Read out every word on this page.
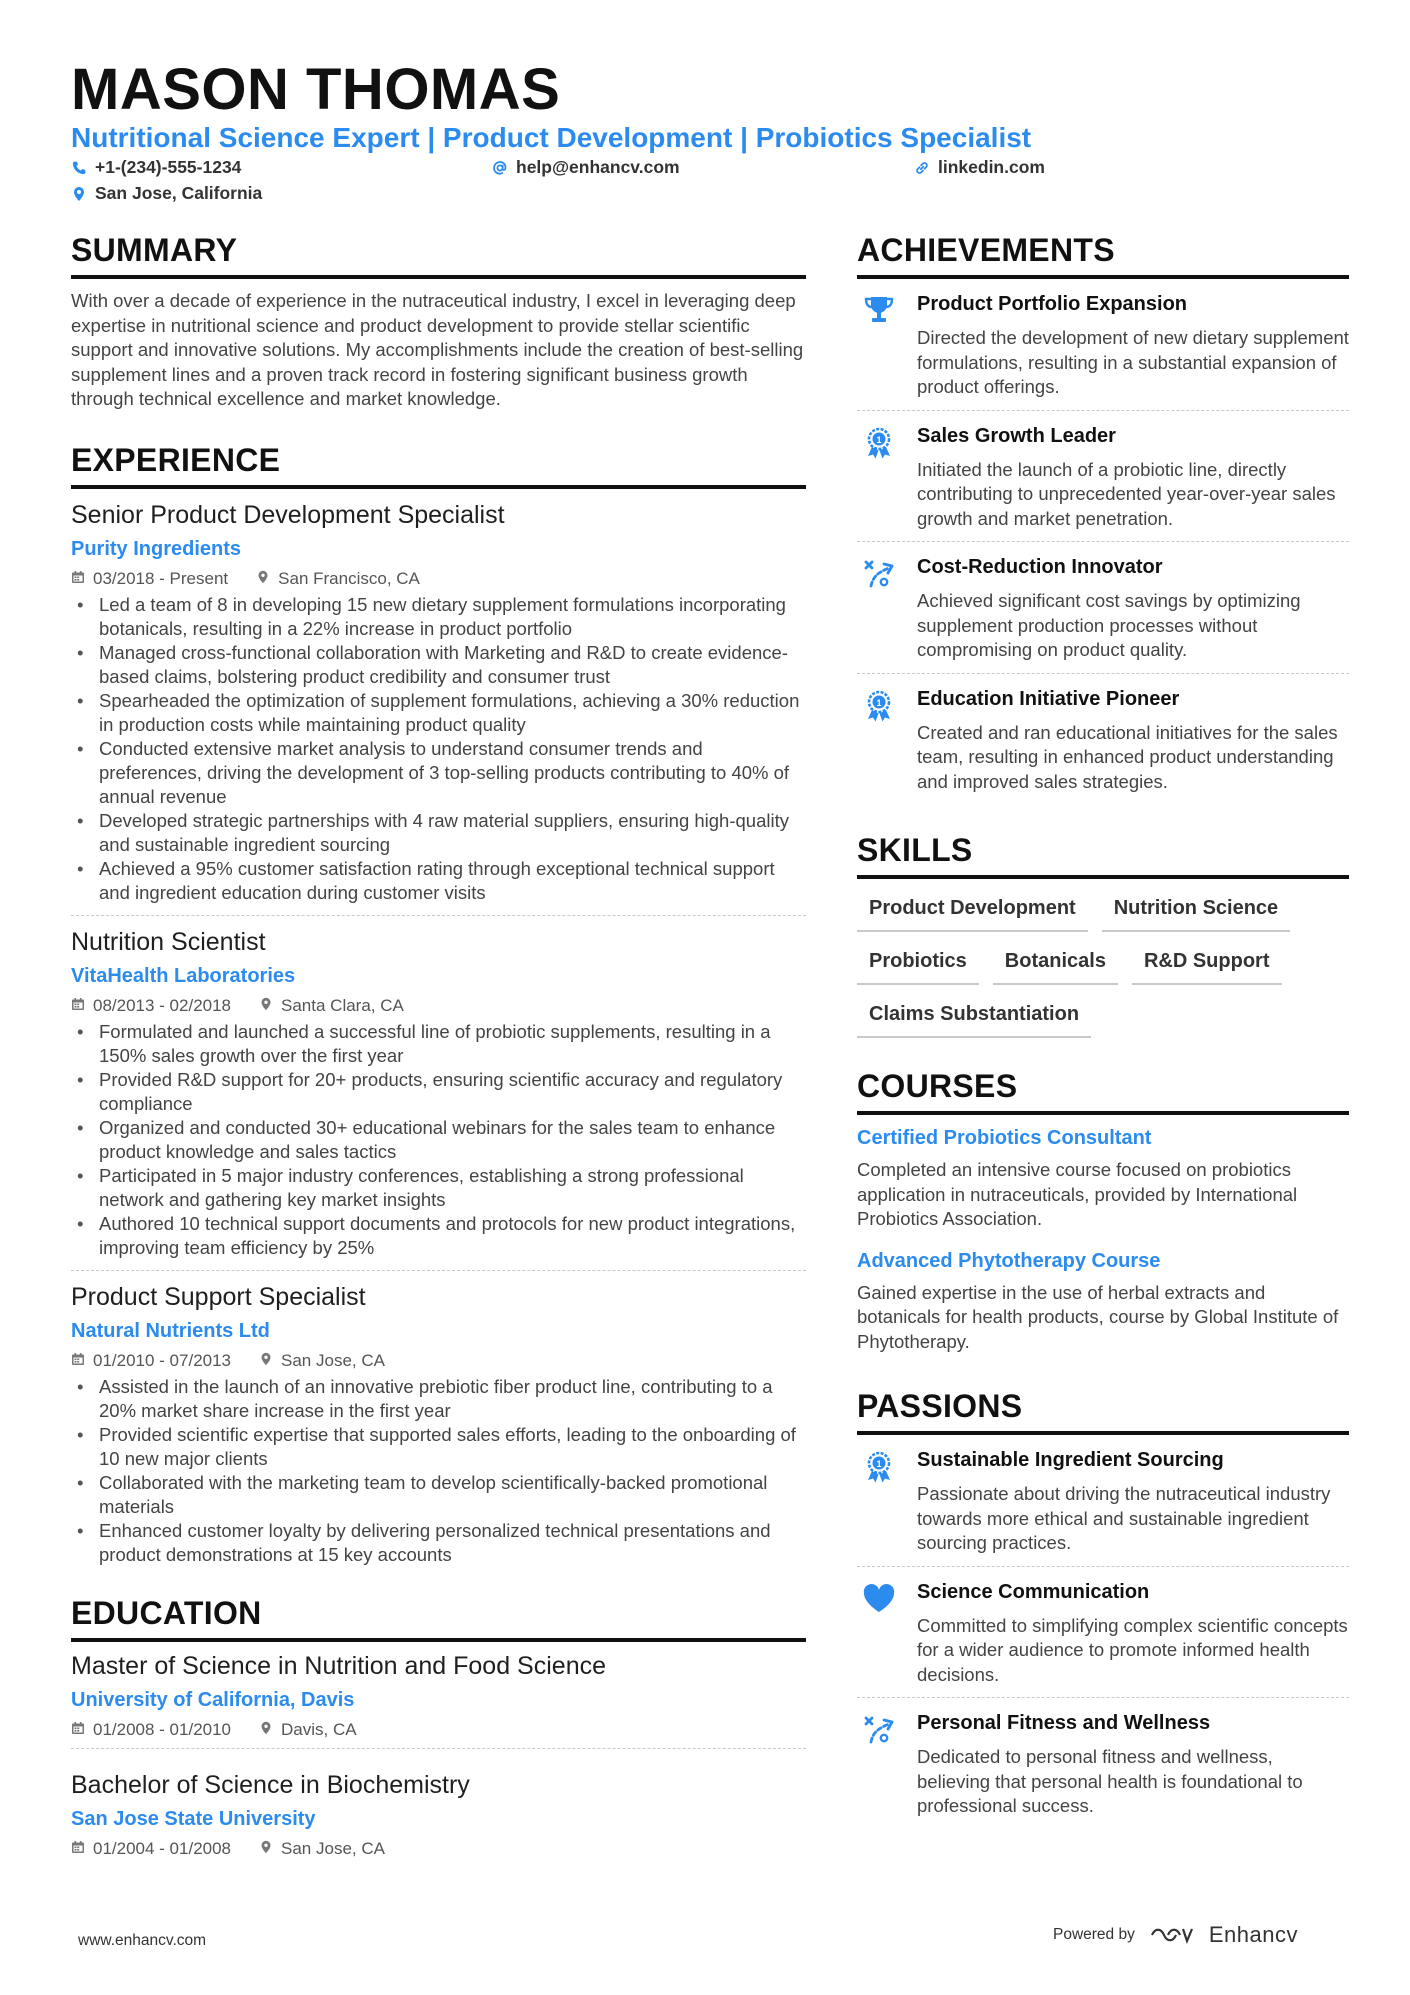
MASON THOMAS
Nutritional Science Expert | Product Development | Probiotics Specialist
+1-(234)-555-1234	help@enhancv.com	linkedin.com
San Jose, California
SUMMARY
With over a decade of experience in the nutraceutical industry, I excel in leveraging deep expertise in nutritional science and product development to provide stellar scientific support and innovative solutions. My accomplishments include the creation of best-selling supplement lines and a proven track record in fostering significant business growth through technical excellence and market knowledge.
EXPERIENCE
Senior Product Development Specialist
Purity Ingredients
03/2018 - Present	San Francisco, CA
• Led a team of 8 in developing 15 new dietary supplement formulations incorporating botanicals, resulting in a 22% increase in product portfolio
• Managed cross-functional collaboration with Marketing and R&D to create evidence-based claims, bolstering product credibility and consumer trust
• Spearheaded the optimization of supplement formulations, achieving a 30% reduction in production costs while maintaining product quality
• Conducted extensive market analysis to understand consumer trends and preferences, driving the development of 3 top-selling products contributing to 40% of annual revenue
• Developed strategic partnerships with 4 raw material suppliers, ensuring high-quality and sustainable ingredient sourcing
• Achieved a 95% customer satisfaction rating through exceptional technical support and ingredient education during customer visits
Nutrition Scientist
VitaHealth Laboratories
08/2013 - 02/2018	Santa Clara, CA
• Formulated and launched a successful line of probiotic supplements, resulting in a 150% sales growth over the first year
• Provided R&D support for 20+ products, ensuring scientific accuracy and regulatory compliance
• Organized and conducted 30+ educational webinars for the sales team to enhance product knowledge and sales tactics
• Participated in 5 major industry conferences, establishing a strong professional network and gathering key market insights
• Authored 10 technical support documents and protocols for new product integrations, improving team efficiency by 25%
Product Support Specialist
Natural Nutrients Ltd
01/2010 - 07/2013	San Jose, CA
• Assisted in the launch of an innovative prebiotic fiber product line, contributing to a 20% market share increase in the first year
• Provided scientific expertise that supported sales efforts, leading to the onboarding of 10 new major clients
• Collaborated with the marketing team to develop scientifically-backed promotional materials
• Enhanced customer loyalty by delivering personalized technical presentations and product demonstrations at 15 key accounts
EDUCATION
Master of Science in Nutrition and Food Science
University of California, Davis
01/2008 - 01/2010	Davis, CA
Bachelor of Science in Biochemistry
San Jose State University
01/2004 - 01/2008	San Jose, CA
ACHIEVEMENTS
Product Portfolio Expansion
Directed the development of new dietary supplement formulations, resulting in a substantial expansion of product offerings.
1 Sales Growth Leader
Initiated the launch of a probiotic line, directly contributing to unprecedented year-over-year sales growth and market penetration.
Cost-Reduction Innovator
Achieved significant cost savings by optimizing supplement production processes without compromising on product quality.
1 Education Initiative Pioneer
Created and ran educational initiatives for the sales team, resulting in enhanced product understanding and improved sales strategies.
SKILLS
Product Development	Nutrition Science
Probiotics	Botanicals	R&D Support
Claims Substantiation
COURSES
Certified Probiotics Consultant
Completed an intensive course focused on probiotics application in nutraceuticals, provided by International Probiotics Association.
Advanced Phytotherapy Course
Gained expertise in the use of herbal extracts and botanicals for health products, course by Global Institute of Phytotherapy.
PASSIONS
1 Sustainable Ingredient Sourcing
Passionate about driving the nutraceutical industry towards more ethical and sustainable ingredient sourcing practices.
Science Communication
Committed to simplifying complex scientific concepts for a wider audience to promote informed health decisions.
Personal Fitness and Wellness
Dedicated to personal fitness and wellness, believing that personal health is foundational to professional success.
www.enhancv.com	Powered by	Enhancv
